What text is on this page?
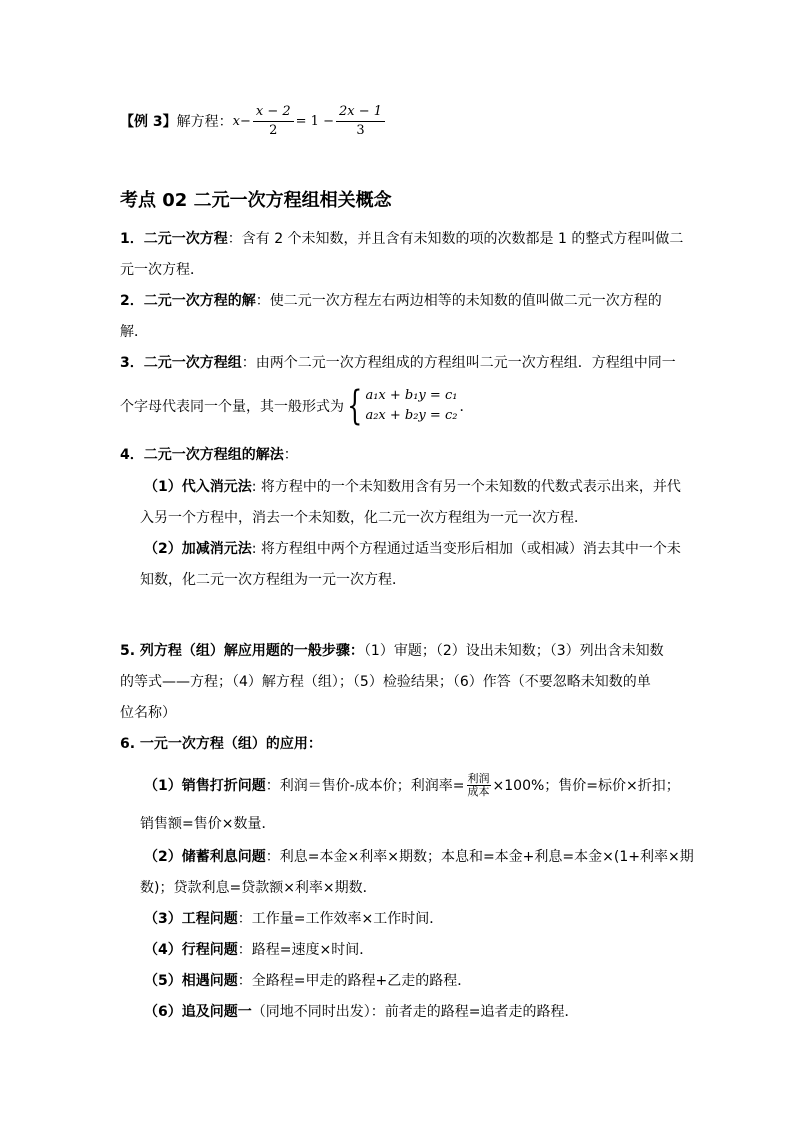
【例 3】 解方程： $x - \frac{x - 2}{2} = 1 - \frac{2x - 1}{3}$
考点 02 二元一次方程组相关概念
1．二元一次方程：含有 2 个未知数，并且含有未知数的项的次数都是 1 的整式方程叫做二
元一次方程．
2．二元一次方程的解：使二元一次方程左右两边相等的未知数的值叫做二元一次方程的
解．
3．二元一次方程组：由两个二元一次方程组成的方程组叫二元一次方程组．方程组中同一
个字母代表同一个量，其一般形式为 { a₁x + b₁y = c₁
a₂x + b₂y = c₂
．
4．二元一次方程组的解法：
（1）代入消元法: 将方程中的一个未知数用含有另一个未知数的代数式表示出来，并代
入另一个方程中，消去一个未知数，化二元一次方程组为一元一次方程．
（2）加减消元法: 将方程组中两个方程通过适当变形后相加（或相减）消去其中一个未
知数，化二元一次方程组为一元一次方程．
5. 列方程（组）解应用题的一般步骤：（1）审题；（2）设出未知数；（3）列出含未知数
的等式——方程；（4）解方程（组）；（5）检验结果；（6）作答（不要忽略未知数的单
位名称）
6. 一元一次方程（组）的应用：
（1）销售打折问题 ：利润＝售价-成本价；利润率= $\frac{\text{利润}}{\text{成本}} \times 100\%$；售价=标价×折扣；
销售额=售价×数量．
（2）储蓄利息问题：利息=本金×利率×期数；本息和=本金+利息=本金×(1+利率×期
数)；贷款利息=贷款额×利率×期数．
（3）工程问题：工作量=工作效率×工作时间．
（4）行程问题：路程=速度×时间．
（5）相遇问题：全路程=甲走的路程+乙走的路程．
（6）追及问题一（同地不同时出发）：前者走的路程=追者走的路程．
